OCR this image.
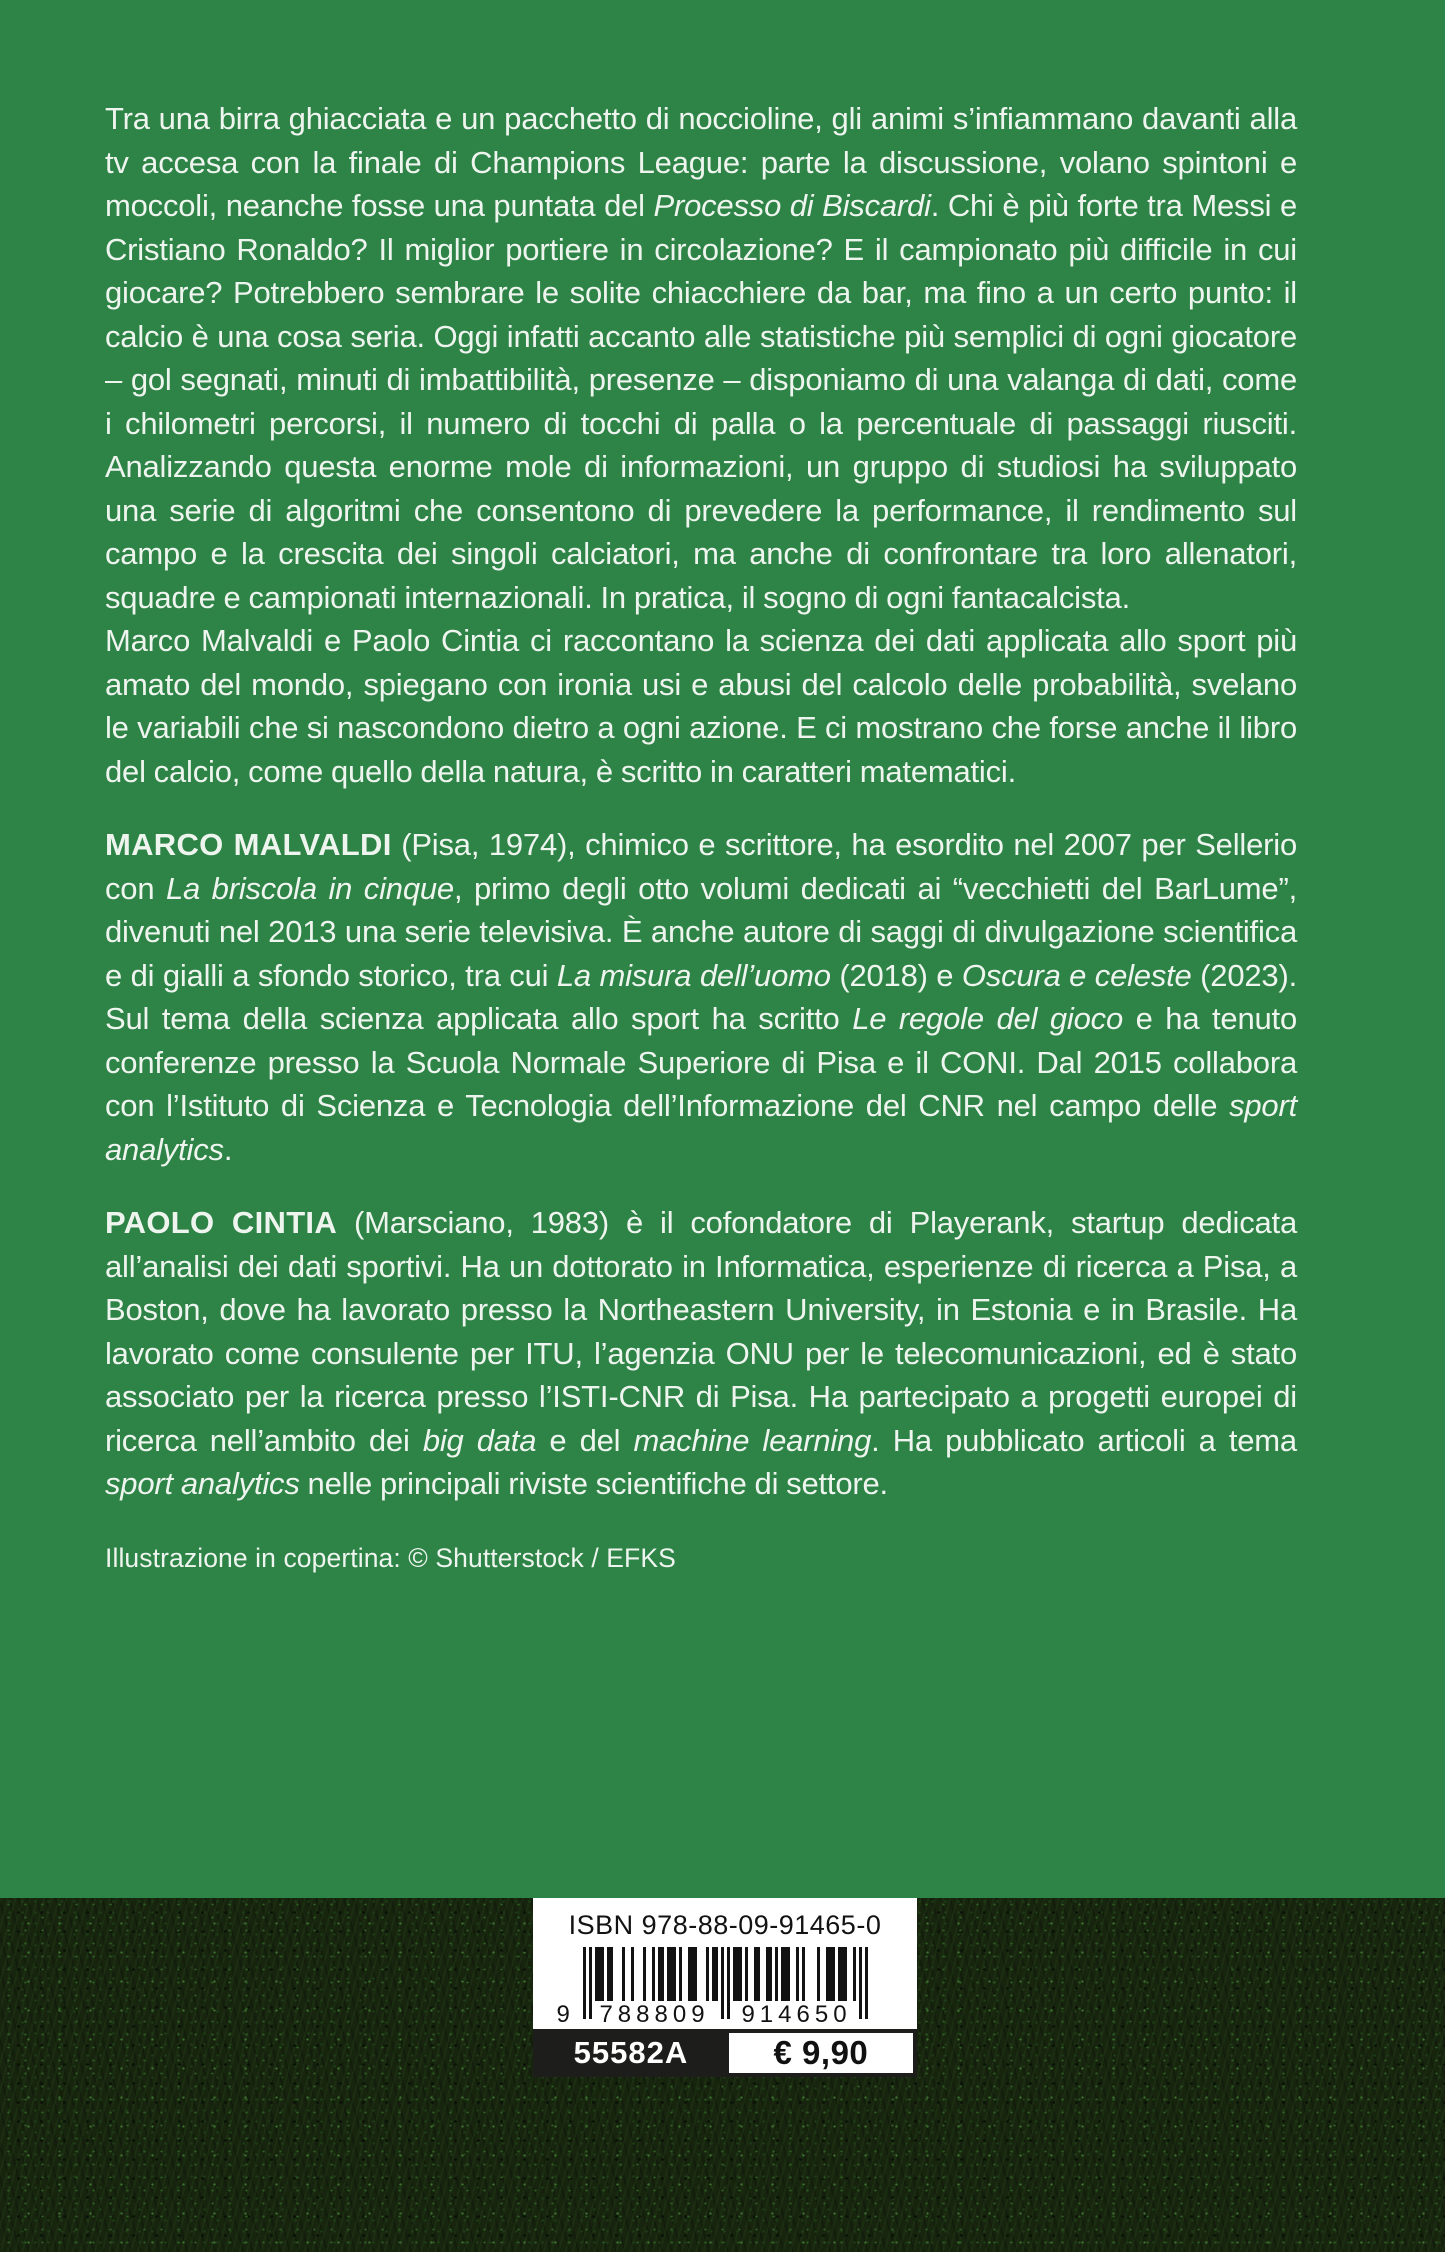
Tra una birra ghiacciata e un pacchetto di noccioline, gli animi s’infiammano davanti alla tv accesa con la finale di Champions League: parte la discussione, volano spintoni e moccoli, neanche fosse una puntata del Processo di Biscardi. Chi è più forte tra Messi e Cristiano Ronaldo? Il miglior portiere in circolazione? E il campionato più difficile in cui giocare? Potrebbero sembrare le solite chiacchiere da bar, ma fino a un certo punto: il calcio è una cosa seria. Oggi infatti accanto alle statistiche più semplici di ogni giocatore – gol segnati, minuti di imbattibilità, presenze – disponiamo di una valanga di dati, come i chilometri percorsi, il numero di tocchi di palla o la percentuale di passaggi riusciti. Analizzando questa enorme mole di informazioni, un gruppo di studiosi ha sviluppato una serie di algoritmi che consentono di prevedere la performance, il rendimento sul campo e la crescita dei singoli calciatori, ma anche di confrontare tra loro allenatori, squadre e campionati internazionali. In pratica, il sogno di ogni fantacalcista.

Marco Malvaldi e Paolo Cintia ci raccontano la scienza dei dati applicata allo sport più amato del mondo, spiegano con ironia usi e abusi del calcolo delle probabilità, svelano le variabili che si nascondono dietro a ogni azione. E ci mostrano che forse anche il libro del calcio, come quello della natura, è scritto in caratteri matematici.

MARCO MALVALDI (Pisa, 1974), chimico e scrittore, ha esordito nel 2007 per Sellerio con La briscola in cinque, primo degli otto volumi dedicati ai “vecchietti del BarLume”, divenuti nel 2013 una serie televisiva. È anche autore di saggi di divulgazione scientifica e di gialli a sfondo storico, tra cui La misura dell’uomo (2018) e Oscura e celeste (2023). Sul tema della scienza applicata allo sport ha scritto Le regole del gioco e ha tenuto conferenze presso la Scuola Normale Superiore di Pisa e il CONI. Dal 2015 collabora con l’Istituto di Scienza e Tecnologia dell’Informazione del CNR nel campo delle sport analytics.

PAOLO CINTIA (Marsciano, 1983) è il cofondatore di Playerank, startup dedicata all’analisi dei dati sportivi. Ha un dottorato in Informatica, esperienze di ricerca a Pisa, a Boston, dove ha lavorato presso la Northeastern University, in Estonia e in Brasile. Ha lavorato come consulente per ITU, l’agenzia ONU per le telecomunicazioni, ed è stato associato per la ricerca presso l’ISTI-CNR di Pisa. Ha partecipato a progetti europei di ricerca nell’ambito dei big data e del machine learning. Ha pubblicato articoli a tema sport analytics nelle principali riviste scientifiche di settore.

Illustrazione in copertina: © Shutterstock / EFKS

ISBN 978-88-09-91465-0

9 788809 914650
55582A	€ 9,90
